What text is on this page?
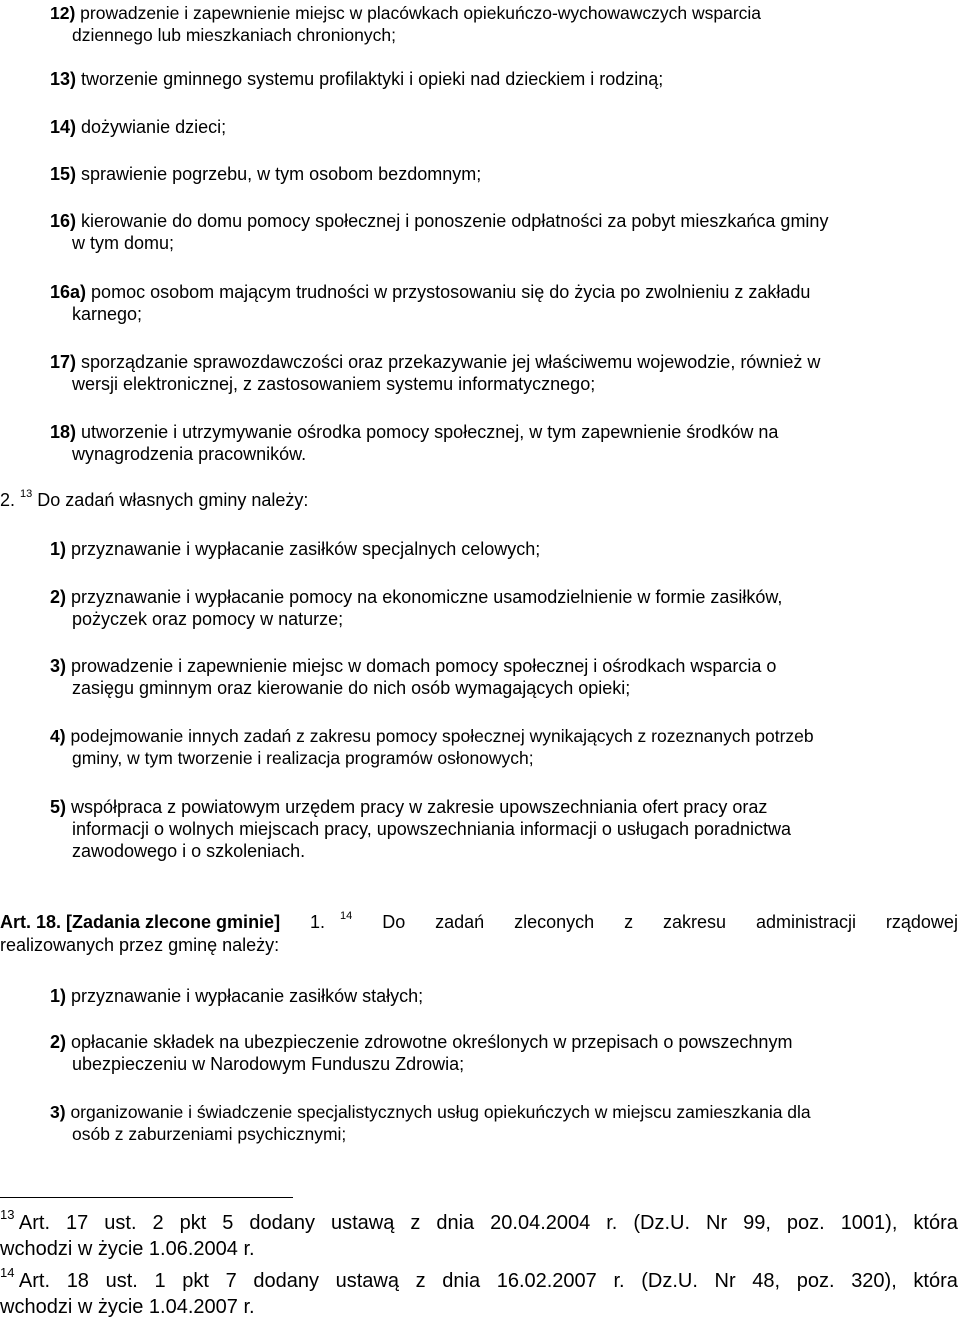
12) prowadzenie i zapewnienie miejsc w placówkach opiekuńczo-wychowawczych wsparcia
dziennego lub mieszkaniach chronionych;
13) tworzenie gminnego systemu profilaktyki i opieki nad dzieckiem i rodziną;
14) dożywianie dzieci;
15) sprawienie pogrzebu, w tym osobom bezdomnym;
16) kierowanie do domu pomocy społecznej i ponoszenie odpłatności za pobyt mieszkańca gminy
w tym domu;
16a) pomoc osobom mającym trudności w przystosowaniu się do życia po zwolnieniu z zakładu
karnego;
17) sporządzanie sprawozdawczości oraz przekazywanie jej właściwemu wojewodzie, również w
wersji elektronicznej, z zastosowaniem systemu informatycznego;
18) utworzenie i utrzymywanie ośrodka pomocy społecznej, w tym zapewnienie środków na
wynagrodzenia pracowników.
2. $^{13}$ Do zadań własnych gminy należy:
1) przyznawanie i wypłacanie zasiłków specjalnych celowych;
2) przyznawanie i wypłacanie pomocy na ekonomiczne usamodzielnienie w formie zasiłków,
pożyczek oraz pomocy w naturze;
3) prowadzenie i zapewnienie miejsc w domach pomocy społecznej i ośrodkach wsparcia o
zasięgu gminnym oraz kierowanie do nich osób wymagających opieki;
4) podejmowanie innych zadań z zakresu pomocy społecznej wynikających z rozeznanych potrzeb
gminy, w tym tworzenie i realizacja programów osłonowych;
5) współpraca z powiatowym urzędem pracy w zakresie upowszechniania ofert pracy oraz
informacji o wolnych miejscach pracy, upowszechniania informacji o usługach poradnictwa
zawodowego i o szkoleniach.
Art. 18. [Zadania zlecone gminie] 1. $^{14}$ Do zadań zleconych z zakresu administracji rządowej
realizowanych przez gminę należy:
1) przyznawanie i wypłacanie zasiłków stałych;
2) opłacanie składek na ubezpieczenie zdrowotne określonych w przepisach o powszechnym
ubezpieczeniu w Narodowym Funduszu Zdrowia;
3) organizowanie i świadczenie specjalistycznych usług opiekuńczych w miejscu zamieszkania dla
osób z zaburzeniami psychicznymi;
$^{13}$ Art. 17 ust. 2 pkt 5 dodany ustawą z dnia 20.04.2004 r. (Dz.U. Nr 99, poz. 1001), która
wchodzi w życie 1.06.2004 r.
$^{14}$ Art. 18 ust. 1 pkt 7 dodany ustawą z dnia 16.02.2007 r. (Dz.U. Nr 48, poz. 320), która
wchodzi w życie 1.04.2007 r.
